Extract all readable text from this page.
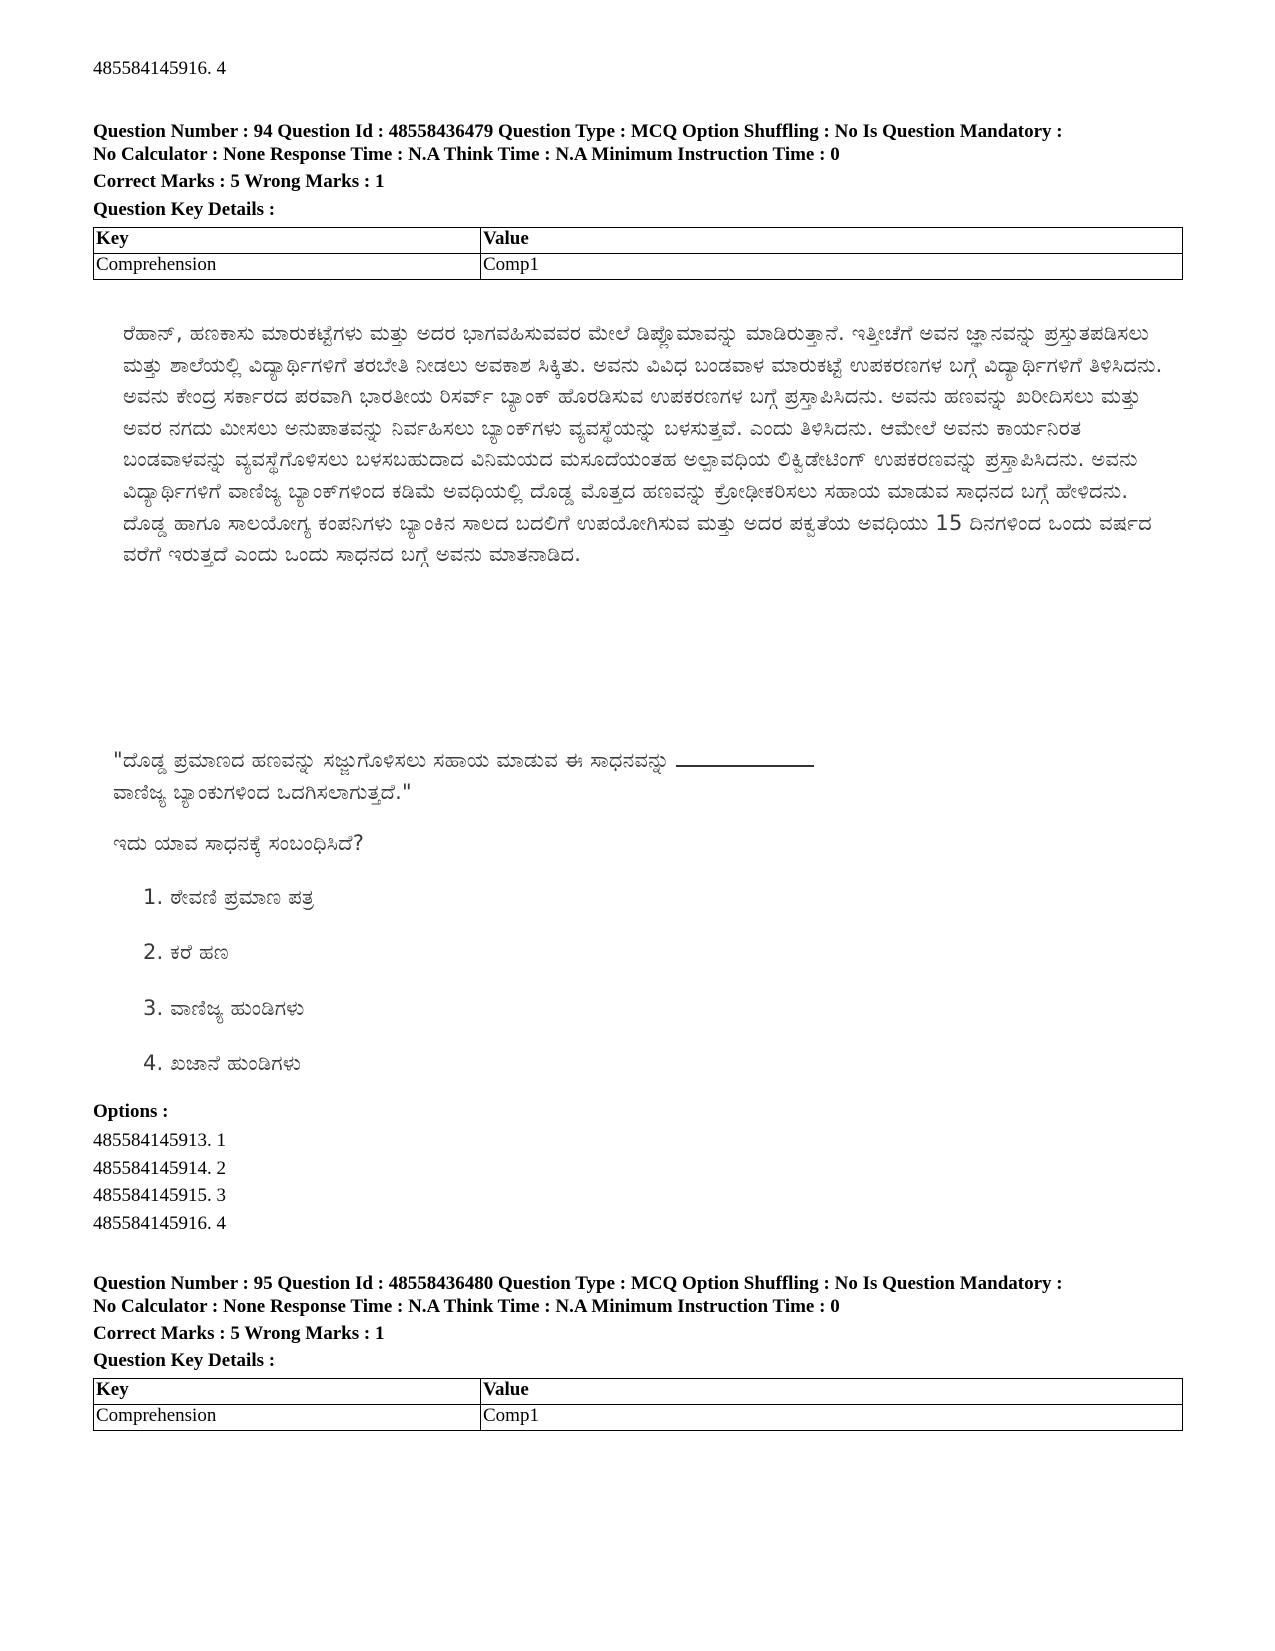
485584145916. 4
Question Number : 94 Question Id : 48558436479 Question Type : MCQ Option Shuffling : No Is Question Mandatory :
No Calculator : None Response Time : N.A Think Time : N.A Minimum Instruction Time : 0
Correct Marks : 5 Wrong Marks : 1
Question Key Details :
Key	Value
Comprehension	Comp1

ರೆಹಾನ್, ಹಣಕಾಸು ಮಾರುಕಟ್ಟೆಗಳು ಮತ್ತು ಅದರ ಭಾಗವಹಿಸುವವರ ಮೇಲೆ ಡಿಪ್ಲೊಮಾವನ್ನು ಮಾಡಿರುತ್ತಾನೆ. ಇತ್ತೀಚೆಗೆ ಅವನ ಜ್ಞಾನವನ್ನು ಪ್ರಸ್ತುತಪಡಿಸಲು ಮತ್ತು ಶಾಲೆಯಲ್ಲಿ ವಿದ್ಯಾರ್ಥಿಗಳಿಗೆ ತರಬೇತಿ ನೀಡಲು ಅವಕಾಶ ಸಿಕ್ಕಿತು. ಅವನು ವಿವಿಧ ಬಂಡವಾಳ ಮಾರುಕಟ್ಟೆ ಉಪಕರಣಗಳ ಬಗ್ಗೆ ವಿದ್ಯಾರ್ಥಿಗಳಿಗೆ ತಿಳಿಸಿದನು. ಅವನು ಕೇಂದ್ರ ಸರ್ಕಾರದ ಪರವಾಗಿ ಭಾರತೀಯ ರಿಸರ್ವ್ ಬ್ಯಾಂಕ್ ಹೊರಡಿಸುವ ಉಪಕರಣಗಳ ಬಗ್ಗೆ ಪ್ರಸ್ತಾಪಿಸಿದನು. ಅವನು ಹಣವನ್ನು ಖರೀದಿಸಲು ಮತ್ತು ಅವರ ನಗದು ಮೀಸಲು ಅನುಪಾತವನ್ನು ನಿರ್ವಹಿಸಲು ಬ್ಯಾಂಕ್‌ಗಳು ವ್ಯವಸ್ಥೆಯನ್ನು ಬಳಸುತ್ತವೆ. ಎಂದು ತಿಳಿಸಿದನು. ಆಮೇಲೆ ಅವನು ಕಾರ್ಯನಿರತ ಬಂಡವಾಳವನ್ನು ವ್ಯವಸ್ಥೆಗೊಳಿಸಲು ಬಳಸಬಹುದಾದ ವಿನಿಮಯದ ಮಸೂದೆಯಂತಹ ಅಲ್ಪಾವಧಿಯ ಲಿಕ್ವಿಡೇಟಿಂಗ್ ಉಪಕರಣವನ್ನು ಪ್ರಸ್ತಾಪಿಸಿದನು. ಅವನು ವಿದ್ಯಾರ್ಥಿಗಳಿಗೆ ವಾಣಿಜ್ಯ ಬ್ಯಾಂಕ್‌ಗಳಿಂದ ಕಡಿಮೆ ಅವಧಿಯಲ್ಲಿ ದೊಡ್ಡ ಮೊತ್ತದ ಹಣವನ್ನು ಕ್ರೋಢೀಕರಿಸಲು ಸಹಾಯ ಮಾಡುವ ಸಾಧನದ ಬಗ್ಗೆ ಹೇಳಿದನು. ದೊಡ್ಡ ಹಾಗೂ ಸಾಲಯೋಗ್ಯ ಕಂಪನಿಗಳು ಬ್ಯಾಂಕಿನ ಸಾಲದ ಬದಲಿಗೆ ಉಪಯೋಗಿಸುವ ಮತ್ತು ಅದರ ಪಕ್ವತೆಯ ಅವಧಿಯು 15 ದಿನಗಳಿಂದ ಒಂದು ವರ್ಷದ ವರೆಗೆ ಇರುತ್ತದೆ ಎಂದು ಒಂದು ಸಾಧನದ ಬಗ್ಗೆ ಅವನು ಮಾತನಾಡಿದ.

"ದೊಡ್ಡ ಪ್ರಮಾಣದ ಹಣವನ್ನು ಸಜ್ಜುಗೊಳಿಸಲು ಸಹಾಯ ಮಾಡುವ ಈ ಸಾಧನವನ್ನು
ವಾಣಿಜ್ಯ ಬ್ಯಾಂಕುಗಳಿಂದ ಒದಗಿಸಲಾಗುತ್ತದೆ."
ಇದು ಯಾವ ಸಾಧನಕ್ಕೆ ಸಂಬಂಧಿಸಿದೆ?
1. ಠೇವಣಿ ಪ್ರಮಾಣ ಪತ್ರ
2. ಕರೆ ಹಣ
3. ವಾಣಿಜ್ಯ ಹುಂಡಿಗಳು
4. ಖಜಾನೆ ಹುಂಡಿಗಳು
Options :
485584145913. 1
485584145914. 2
485584145915. 3
485584145916. 4
Question Number : 95 Question Id : 48558436480 Question Type : MCQ Option Shuffling : No Is Question Mandatory :
No Calculator : None Response Time : N.A Think Time : N.A Minimum Instruction Time : 0
Correct Marks : 5 Wrong Marks : 1
Question Key Details :
Key	Value
Comprehension	Comp1
